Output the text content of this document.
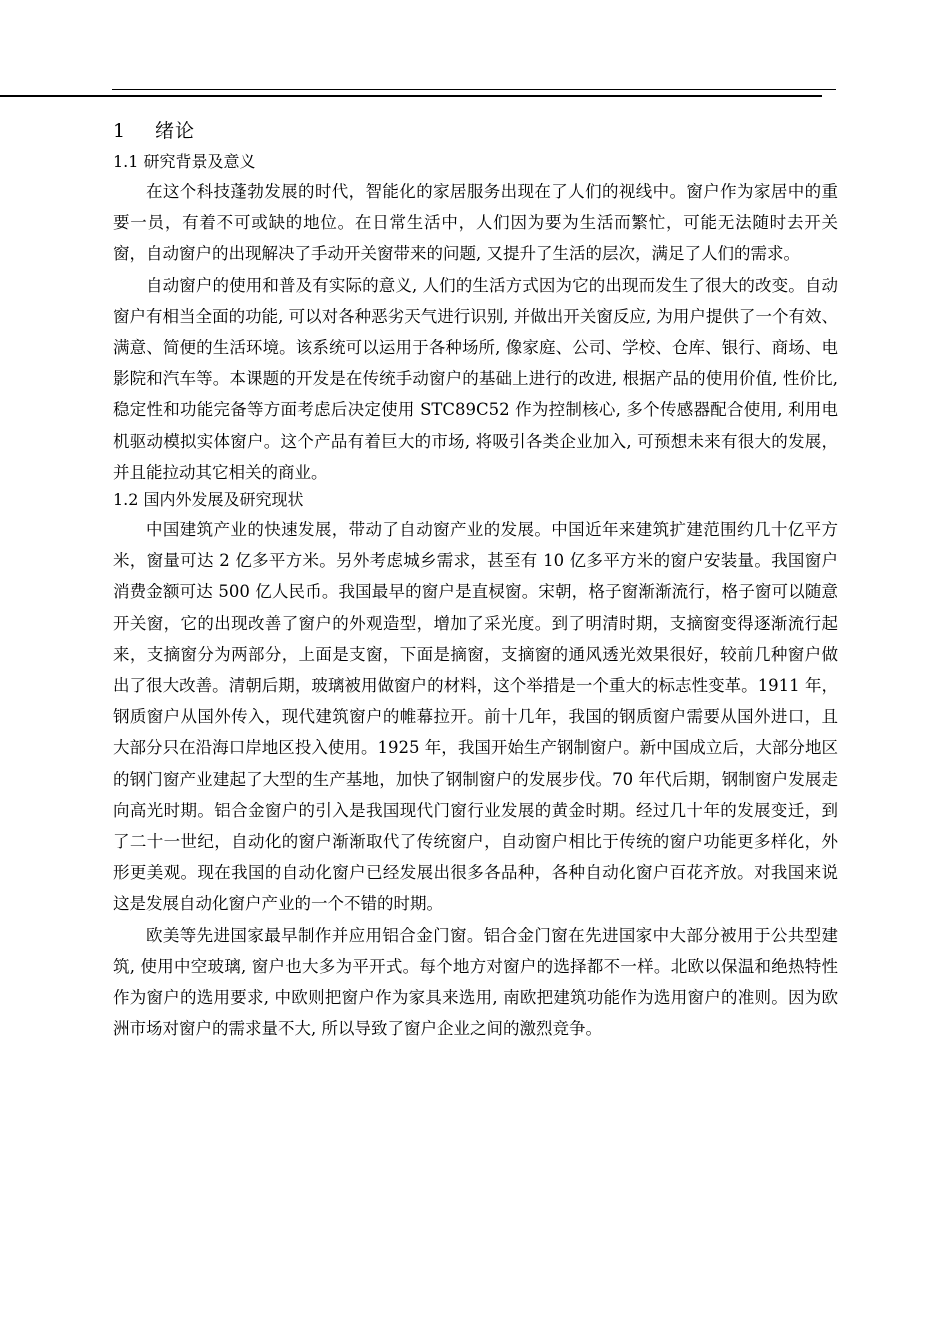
1 绪论
1.1 研究背景及意义

在这个科技蓬勃发展的时代，智能化的家居服务出现在了人们的视线中。窗户作为家居中的重要一员，有着不可或缺的地位。在日常生活中，人们因为要为生活而繁忙，可能无法随时去开关窗，自动窗户的出现解决了手动开关窗带来的问题, 又提升了生活的层次，满足了人们的需求。

自动窗户的使用和普及有实际的意义, 人们的生活方式因为它的出现而发生了很大的改变。自动窗户有相当全面的功能, 可以对各种恶劣天气进行识别, 并做出开关窗反应, 为用户提供了一个有效、满意、简便的生活环境。该系统可以运用于各种场所, 像家庭、公司、学校、仓库、银行、商场、电影院和汽车等。本课题的开发是在传统手动窗户的基础上进行的改进, 根据产品的使用价值, 性价比, 稳定性和功能完备等方面考虑后决定使用 STC89C52 作为控制核心, 多个传感器配合使用, 利用电机驱动模拟实体窗户。这个产品有着巨大的市场, 将吸引各类企业加入, 可预想未来有很大的发展，并且能拉动其它相关的商业。

1.2 国内外发展及研究现状

中国建筑产业的快速发展，带动了自动窗产业的发展。中国近年来建筑扩建范围约几十亿平方米，窗量可达 2 亿多平方米。另外考虑城乡需求，甚至有 10 亿多平方米的窗户安装量。我国窗户消费金额可达 500 亿人民币。我国最早的窗户是直棂窗。宋朝，格子窗渐渐流行，格子窗可以随意开关窗，它的出现改善了窗户的外观造型，增加了采光度。到了明清时期，支摘窗变得逐渐流行起来，支摘窗分为两部分，上面是支窗，下面是摘窗，支摘窗的通风透光效果很好，较前几种窗户做出了很大改善。清朝后期，玻璃被用做窗户的材料，这个举措是一个重大的标志性变革。1911 年，钢质窗户从国外传入，现代建筑窗户的帷幕拉开。前十几年，我国的钢质窗户需要从国外进口，且大部分只在沿海口岸地区投入使用。1925 年，我国开始生产钢制窗户。新中国成立后，大部分地区的钢门窗产业建起了大型的生产基地，加快了钢制窗户的发展步伐。70 年代后期，钢制窗户发展走向高光时期。铝合金窗户的引入是我国现代门窗行业发展的黄金时期。经过几十年的发展变迁，到了二十一世纪，自动化的窗户渐渐取代了传统窗户，自动窗户相比于传统的窗户功能更多样化，外形更美观。现在我国的自动化窗户已经发展出很多各品种，各种自动化窗户百花齐放。对我国来说这是发展自动化窗户产业的一个不错的时期。

欧美等先进国家最早制作并应用铝合金门窗。铝合金门窗在先进国家中大部分被用于公共型建筑, 使用中空玻璃, 窗户也大多为平开式。每个地方对窗户的选择都不一样。北欧以保温和绝热特性作为窗户的选用要求, 中欧则把窗户作为家具来选用, 南欧把建筑功能作为选用窗户的准则。因为欧洲市场对窗户的需求量不大, 所以导致了窗户企业之间的激烈竞争。
